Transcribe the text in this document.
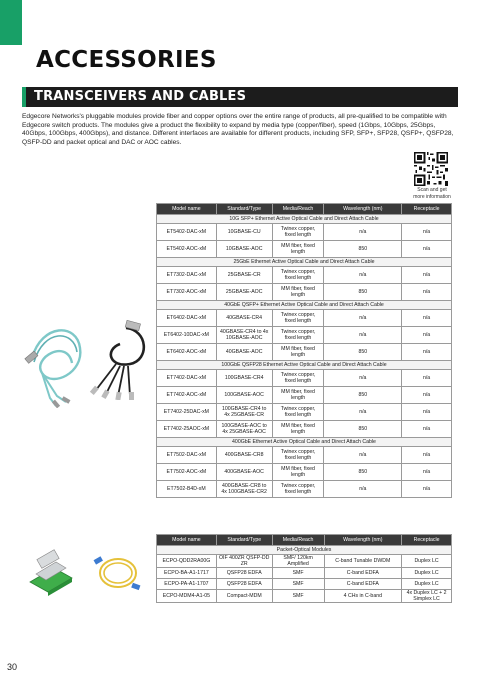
ACCESSORIES
TRANSCEIVERS AND CABLES

Edgecore Networks's pluggable modules provide fiber and copper options over the entire range of products, all pre-qualified to be compatible with Edgecore switch products. The modules give a product the flexibility to expand by media type (copper/fiber), speed (1Gbps, 10Gbps, 25Gbps, 40Gbps, 100Gbps, 400Gbps), and distance. Different interfaces are available for different products, including SFP, SFP+, SFP28, QSFP+, QSFP28, QSFP-DD and packet optical and DAC or AOC cables.

Scan and get
more information
Model name	Standard/Type	Media/Reach	Wavelength (nm)	Receptacle
10G SFP+ Ethernet Active Optical Cable and Direct Attach Cable				
ET5402-DAC-xM	10GBASE-CU	Twinex copper, fixed length	n/a	n/a
ET5402-AOC-xM	10GBASE-AOC	MM fiber, fixed length	850	n/a
25GbE Ethernet Active Optical Cable and Direct Attach Cable				
ET7302-DAC-xM	25GBASE-CR	Twinex copper, fixed length	n/a	n/a
ET7302-AOC-xM	25GBASE-AOC	MM fiber, fixed length	850	n/a
40GbE QSFP+ Ethernet Active Optical Cable and Direct Attach Cable				
ET6402-DAC-xM	40GBASE-CR4	Twinex copper, fixed length	n/a	n/a
ET6402-10DAC-xM	40GBASE-CR4 to 4x 10GBASE-AOC	Twinex copper, fixed length	n/a	n/a
ET6402-AOC-xM	40GBASE-AOC	MM fiber, fixed length	850	n/a
100GbE QSFP28 Ethernet Active Optical Cable and Direct Attach Cable				
ET7402-DAC-xM	100GBASE-CR4	Twinex copper, fixed length	n/a	n/a
ET7402-AOC-xM	100GBASE-AOC	MM fiber, fixed length	850	n/a
ET7402-25DAC-xM	100GBASE-CR4 to 4x 25GBASE-CR	Twinex copper, fixed length	n/a	n/a
ET7402-25AOC-xM	100GBASE-AOC to 4x 25GBASE-AOC	MM fiber, fixed length	850	n/a
400GbE Ethernet Active Optical Cable and Direct Attach Cable				
ET7502-DAC-xM	400GBASE-CR8	Twinex copper, fixed length	n/a	n/a
ET7502-AOC-xM	400GBASE-AOC	MM fiber, fixed length	850	n/a
ET7502-B4D-xM	400GBASE-CR8 to 4x 100GBASE-CR2	Twinex copper, fixed length	n/a	n/a
Model name	Standard/Type	Media/Reach	Wavelength (nm)	Receptacle
Packet-Optical Modules				
ECPO-QDD2RA00G	OIF 400ZR QSFP-DD ZR	SMF/ 120km Amplified	C-band Tunable DWDM	Duplex LC
ECPO-BA-A1-1717	QSFP28 EDFA	SMF	C-band EDFA	Duplex LC
ECPO-PA-A1-1707	QSFP28 EDFA	SMF	C-band EDFA	Duplex LC
ECPO-MDM4-A1-05	Compact-MDM	SMF	4 CHs in C-band	4x Duplex LC + 2 Simplex LC
30
